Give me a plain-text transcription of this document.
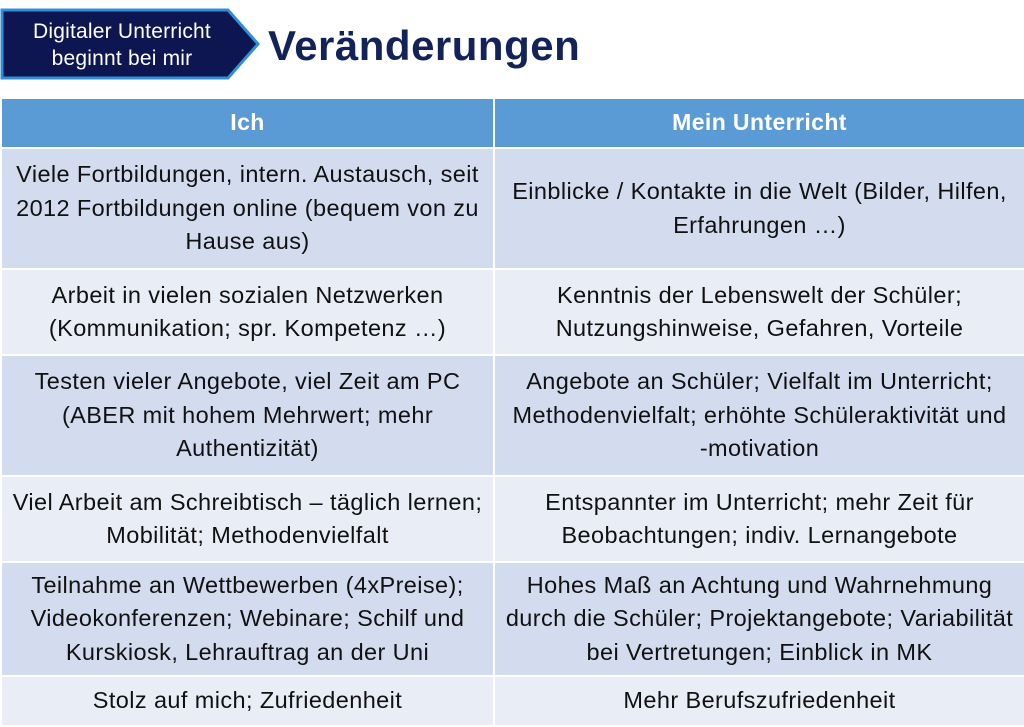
Digitaler Unterricht
beginnt bei mir	Veränderungen
Ich	Mein Unterricht
Viele Fortbildungen, intern. Austausch, seit 2012 Fortbildungen online (bequem von zu Hause aus)	Einblicke / Kontakte in die Welt (Bilder, Hilfen, Erfahrungen …)
Arbeit in vielen sozialen Netzwerken (Kommunikation; spr. Kompetenz …)	Kenntnis der Lebenswelt der Schüler; Nutzungshinweise, Gefahren, Vorteile
Testen vieler Angebote, viel Zeit am PC (ABER mit hohem Mehrwert; mehr Authentizität)	Angebote an Schüler; Vielfalt im Unterricht; Methodenvielfalt; erhöhte Schüleraktivität und -motivation
Viel Arbeit am Schreibtisch – täglich lernen; Mobilität; Methodenvielfalt	Entspannter im Unterricht; mehr Zeit für Beobachtungen; indiv. Lernangebote
Teilnahme an Wettbewerben (4xPreise); Videokonferenzen; Webinare; Schilf und Kurskiosk, Lehrauftrag an der Uni	Hohes Maß an Achtung und Wahrnehmung durch die Schüler; Projektangebote; Variabilität bei Vertretungen; Einblick in MK
Stolz auf mich; Zufriedenheit	Mehr Berufszufriedenheit
